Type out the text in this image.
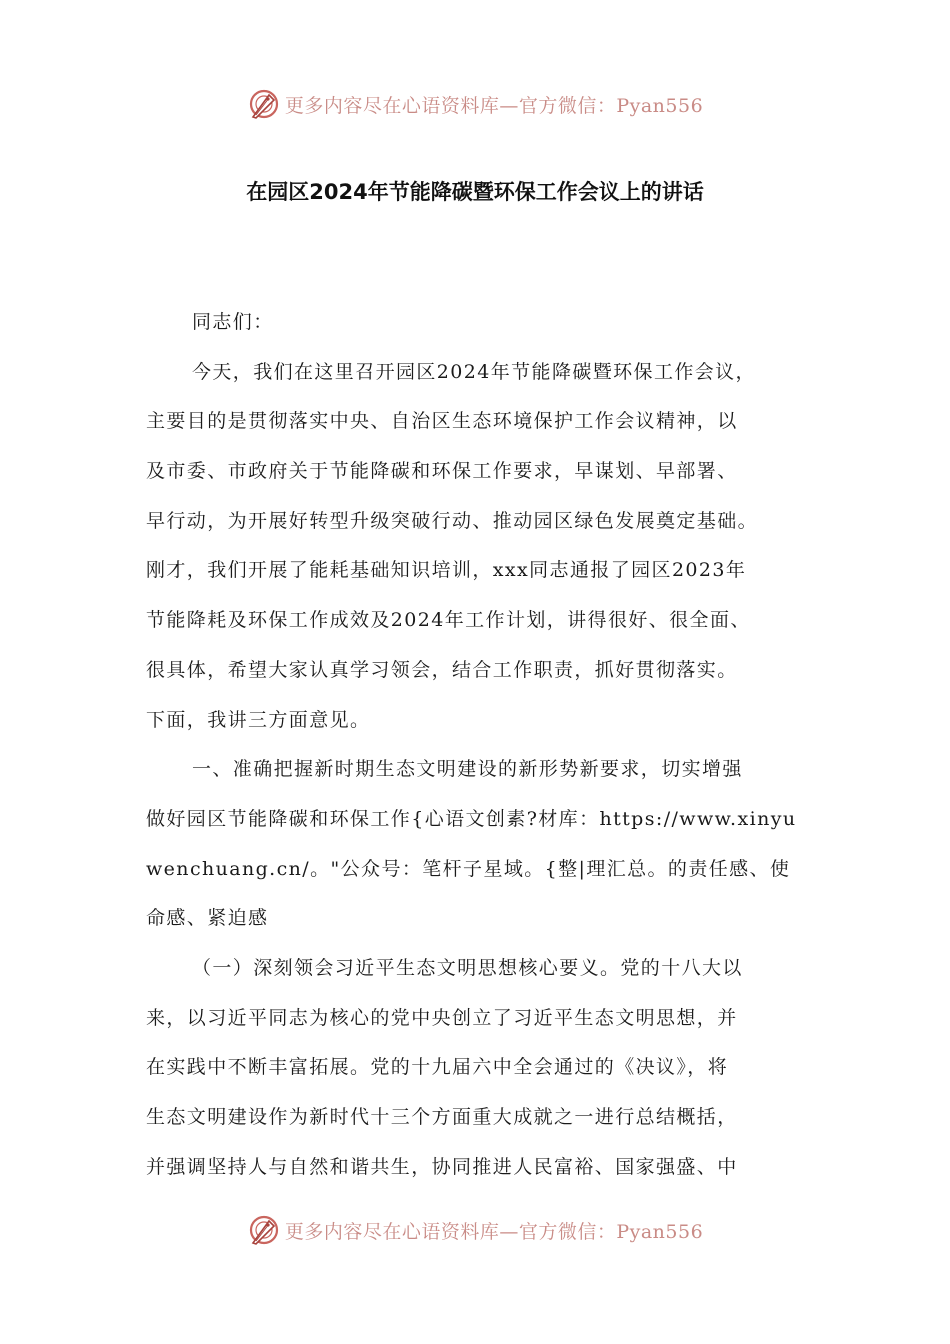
更多内容尽在心语资料库—官方微信：Pyan556
在园区2024年节能降碳暨环保工作会议上的讲话
同志们：
今天，我们在这里召开园区2024年节能降碳暨环保工作会议，
主要目的是贯彻落实中央、自治区生态环境保护工作会议精神，以
及市委、市政府关于节能降碳和环保工作要求，早谋划、早部署、
早行动，为开展好转型升级突破行动、推动园区绿色发展奠定基础。
刚才，我们开展了能耗基础知识培训，xxx同志通报了园区2023年
节能降耗及环保工作成效及2024年工作计划，讲得很好、很全面、
很具体，希望大家认真学习领会，结合工作职责，抓好贯彻落实。
下面，我讲三方面意见。
一、准确把握新时期生态文明建设的新形势新要求，切实增强
做好园区节能降碳和环保工作{心语文创素?材库：https://www.xinyu
wenchuang.cn/。"公众号：笔杆子星域。{整|理汇总。的责任感、使
命感、紧迫感
（一）深刻领会习近平生态文明思想核心要义。党的十八大以
来，以习近平同志为核心的党中央创立了习近平生态文明思想，并
在实践中不断丰富拓展。党的十九届六中全会通过的《决议》，将
生态文明建设作为新时代十三个方面重大成就之一进行总结概括，
并强调坚持人与自然和谐共生，协同推进人民富裕、国家强盛、中
更多内容尽在心语资料库—官方微信：Pyan556
